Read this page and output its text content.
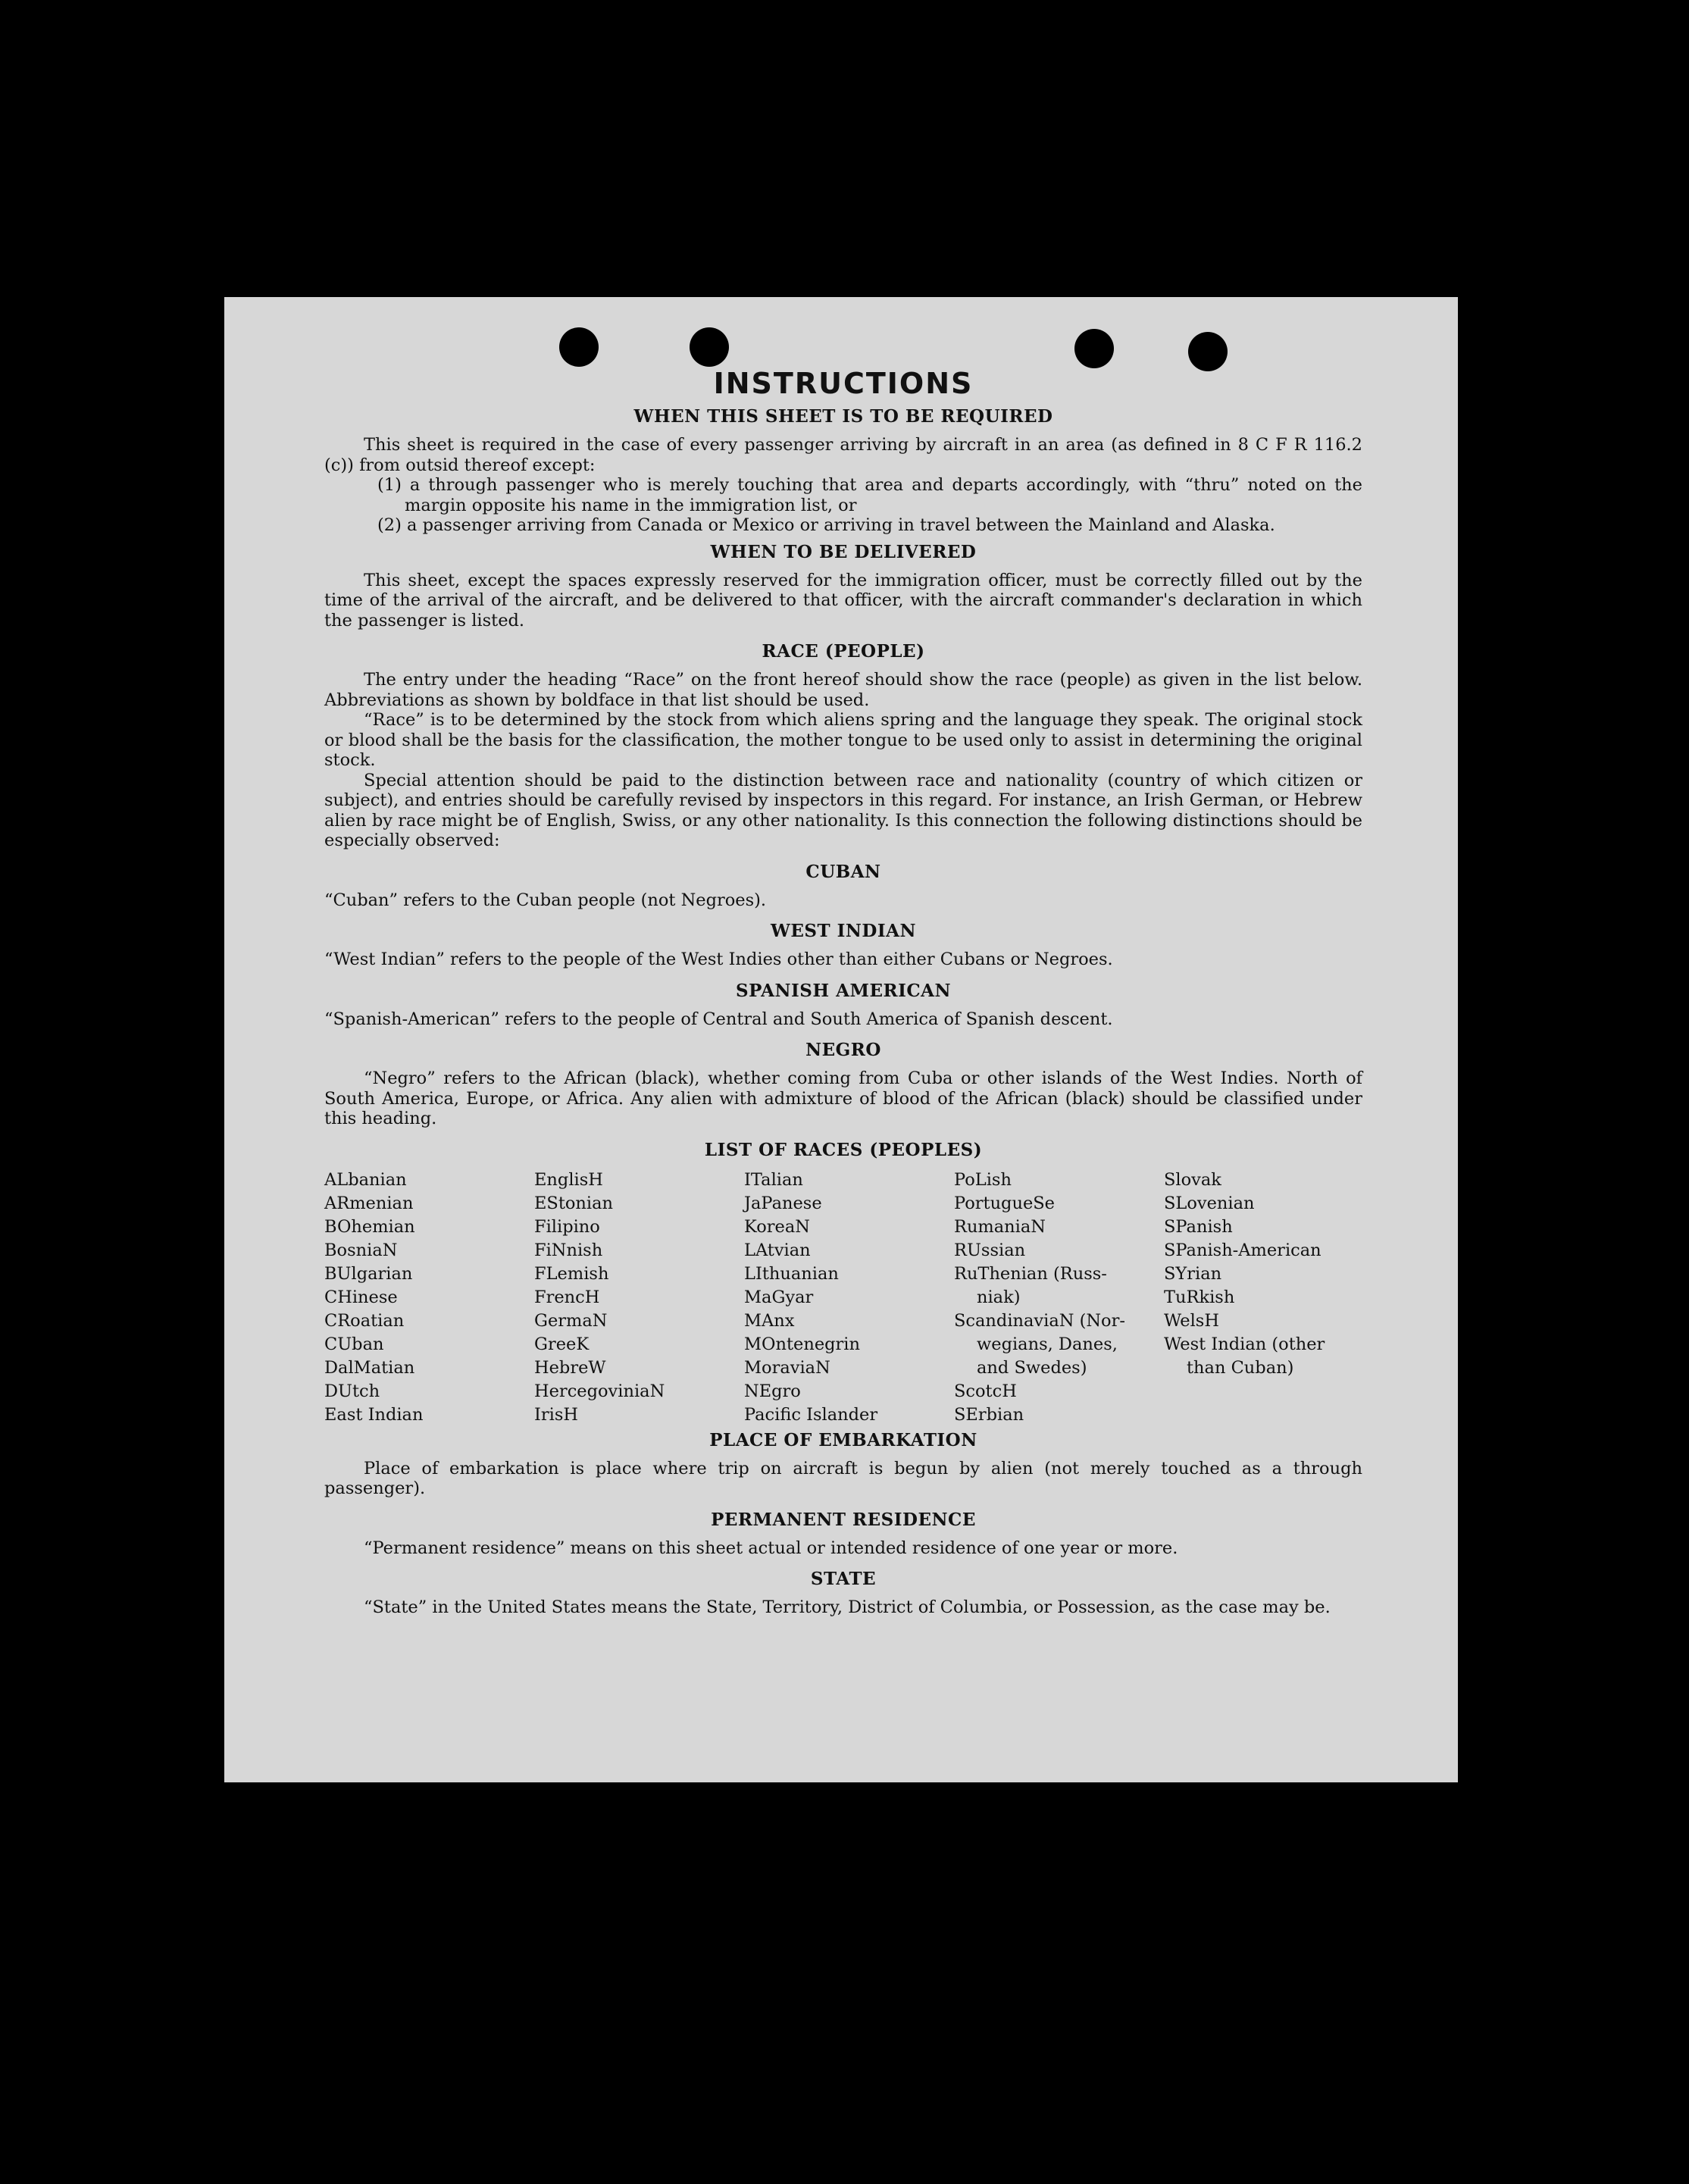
INSTRUCTIONS
WHEN THIS SHEET IS TO BE REQUIRED

This sheet is required in the case of every passenger arriving by aircraft in an area (as defined in 8 C F R 116.2 (c)) from outsid thereof except:

(1) a through passenger who is merely touching that area and departs accordingly, with “thru” noted on the margin opposite his name in the immigration list, or

(2) a passenger arriving from Canada or Mexico or arriving in travel between the Mainland and Alaska.

WHEN TO BE DELIVERED

This sheet, except the spaces expressly reserved for the immigration officer, must be correctly filled out by the time of the arrival of the aircraft, and be delivered to that officer, with the aircraft commander's declaration in which the passenger is listed.

RACE (PEOPLE)

The entry under the heading “Race” on the front hereof should show the race (people) as given in the list below. Abbreviations as shown by boldface in that list should be used.

“Race” is to be determined by the stock from which aliens spring and the language they speak. The original stock or blood shall be the basis for the classification, the mother tongue to be used only to assist in determining the original stock.

Special attention should be paid to the distinction between race and nationality (country of which citizen or subject), and entries should be carefully revised by inspectors in this regard. For instance, an Irish German, or Hebrew alien by race might be of English, Swiss, or any other nationality. Is this connection the following distinctions should be especially observed:

CUBAN

“Cuban” refers to the Cuban people (not Negroes).

WEST INDIAN

“West Indian” refers to the people of the West Indies other than either Cubans or Negroes.

SPANISH AMERICAN

“Spanish-American” refers to the people of Central and South America of Spanish descent.

NEGRO

“Negro” refers to the African (black), whether coming from Cuba or other islands of the West Indies. North of South America, Europe, or Africa. Any alien with admixture of blood of the African (black) should be classified under this heading.

LIST OF RACES (PEOPLES)
ALbanian
ARmenian
BOhemian
BosniaN
BUlgarian
CHinese
CRoatian
CUban
DalMatian
DUtch
East Indian
EnglisH
EStonian
Filipino
FiNnish
FLemish
FrencH
GermaN
GreeK
HebreW
HercegoviniaN
IrisH
ITalian
JaPanese
KoreaN
LAtvian
LIthuanian
MaGyar
MAnx
MOntenegrin
MoraviaN
NEgro
Pacific Islander
PoLish
PortugueSe
RumaniaN
RUssian
RuThenian (Russ-
niak)
ScandinaviaN (Nor-
wegians, Danes,
and Swedes)
ScotcH
SErbian
Slovak
SLovenian
SPanish
SPanish-American
SYrian
TuRkish
WelsH
West Indian (other
than Cuban)
PLACE OF EMBARKATION

Place of embarkation is place where trip on aircraft is begun by alien (not merely touched as a through passenger).

PERMANENT RESIDENCE

“Permanent residence” means on this sheet actual or intended residence of one year or more.

STATE

“State” in the United States means the State, Territory, District of Columbia, or Possession, as the case may be.
